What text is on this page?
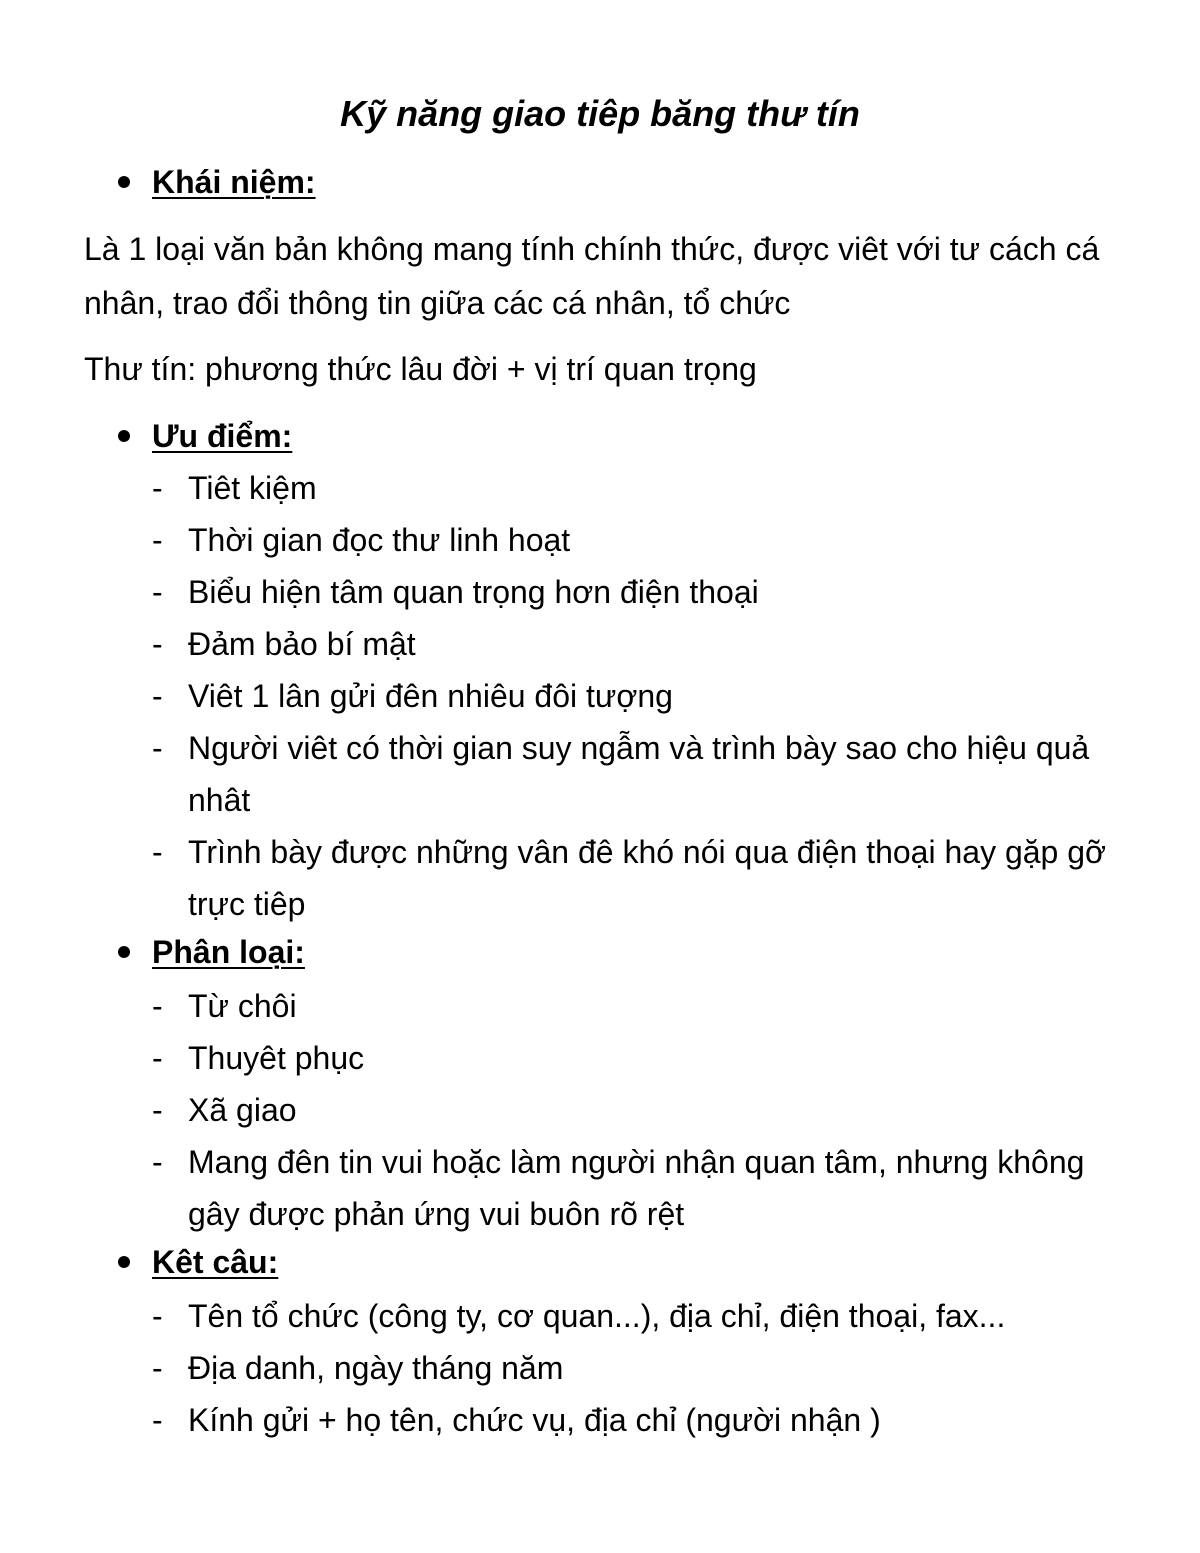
Kỹ năng giao tiêp băng thư tín
Khái niệm:

Là 1 loại văn bản không mang tính chính thức, được viêt với tư cách cá nhân, trao đổi thông tin giữa các cá nhân, tổ chức

Thư tín: phương thức lâu đời + vị trí quan trọng

Ưu điểm:
- Tiêt kiệm
- Thời gian đọc thư linh hoạt
- Biểu hiện tâm quan trọng hơn điện thoại
- Đảm bảo bí mật
- Viêt 1 lân gửi đên nhiêu đôi tượng
- Người viêt có thời gian suy ngẫm và trình bày sao cho hiệu quả nhât
- Trình bày được những vân đê khó nói qua điện thoại hay gặp gỡ trực tiêp
Phân loại:
- Từ chôi
- Thuyêt phục
- Xã giao
- Mang đên tin vui hoặc làm người nhận quan tâm, nhưng không gây được phản ứng vui buôn rõ rệt
Kêt câu:
- Tên tổ chức (công ty, cơ quan...), địa chỉ, điện thoại, fax...
- Địa danh, ngày tháng năm
- Kính gửi + họ tên, chức vụ, địa chỉ (người nhận )
